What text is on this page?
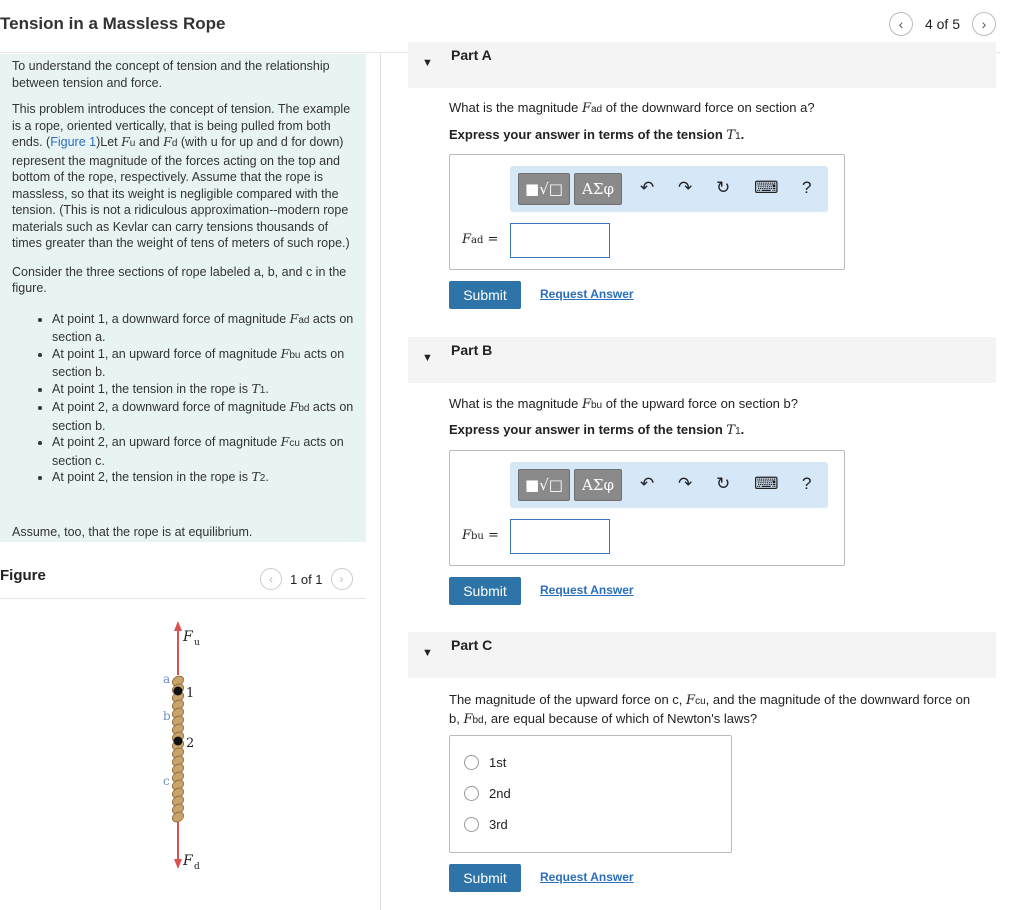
Tension in a Massless Rope	‹	4 of 5	›

To understand the concept of tension and the relationship between tension and force.

This problem introduces the concept of tension. The example is a rope, oriented vertically, that is being pulled from both ends. (Figure 1)Let Fu and Fd (with u for up and d for down) represent the magnitude of the forces acting on the top and bottom of the rope, respectively. Assume that the rope is massless, so that its weight is negligible compared with the tension. (This is not a ridiculous approximation--modern rope materials such as Kevlar can carry tensions thousands of times greater than the weight of tens of meters of such rope.)

Consider the three sections of rope labeled a, b, and c in the figure.

• At point 1, a downward force of magnitude Fad acts on section a.
• At point 1, an upward force of magnitude Fbu acts on section b.
• At point 1, the tension in the rope is T1.
• At point 2, a downward force of magnitude Fbd acts on section b.
• At point 2, an upward force of magnitude Fcu acts on section c.
• At point 2, the tension in the rope is T2.
Assume, too, that the rope is at equilibrium.
Figure	‹	1 of 1	›
F u
F d
a
b
c
1
2
▼ Part A
What is the magnitude Fad of the downward force on section a?
Express your answer in terms of the tension T1.
■√□	ΑΣφ	↶ ↷ ↻ ⌨ ?
Fad =
Submit	Request Answer
▼ Part B
What is the magnitude Fbu of the upward force on section b?
Express your answer in terms of the tension T1.
■√□	ΑΣφ	↶ ↷ ↻ ⌨ ?
Fbu =
Submit	Request Answer
▼ Part C
The magnitude of the upward force on c, Fcu, and the magnitude of the downward force on
b, Fbd, are equal because of which of Newton's laws?
1st
2nd
3rd
Submit	Request Answer
